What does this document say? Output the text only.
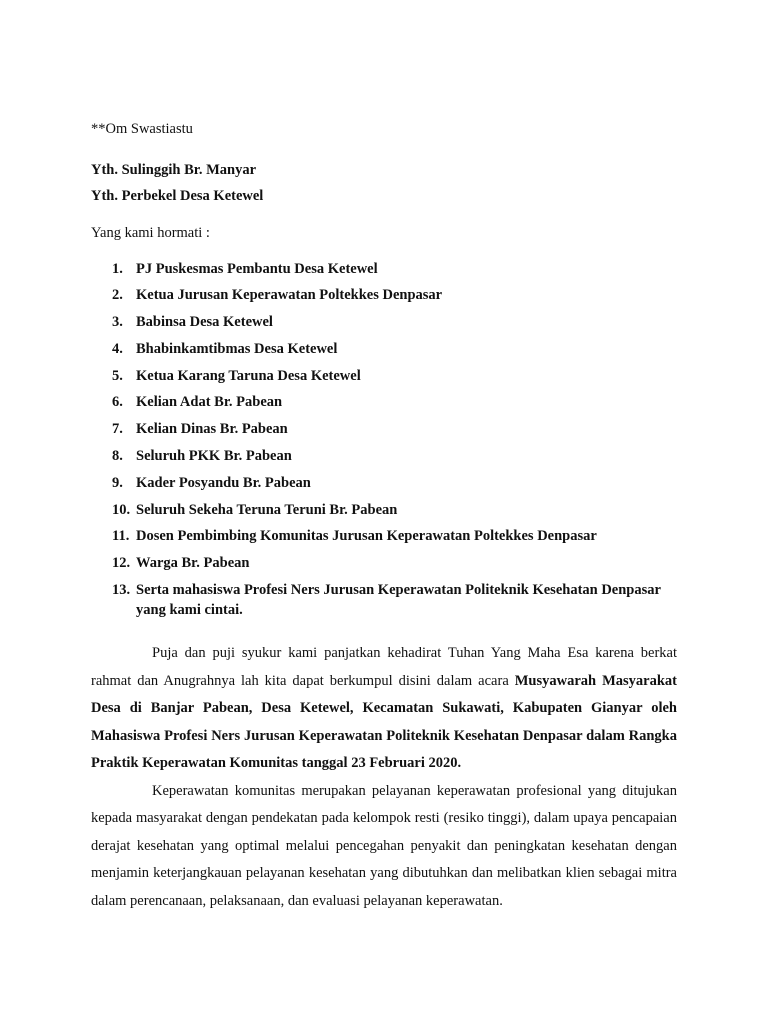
**Om Swastiastu

Yth. Sulinggih Br. Manyar

Yth. Perbekel Desa Ketewel

Yang kami hormati :

1. PJ Puskesmas Pembantu Desa Ketewel
2. Ketua Jurusan Keperawatan Poltekkes Denpasar
3. Babinsa Desa Ketewel
4. Bhabinkamtibmas Desa Ketewel
5. Ketua Karang Taruna Desa Ketewel
6. Kelian Adat Br. Pabean
7. Kelian Dinas Br. Pabean
8. Seluruh PKK Br. Pabean
9. Kader Posyandu Br. Pabean
10. Seluruh Sekeha Teruna Teruni Br. Pabean
11. Dosen Pembimbing Komunitas Jurusan Keperawatan Poltekkes Denpasar
12. Warga Br. Pabean
13. Serta mahasiswa Profesi Ners Jurusan Keperawatan Politeknik Kesehatan Denpasar yang kami cintai.

Puja dan puji syukur kami panjatkan kehadirat Tuhan Yang Maha Esa karena berkat rahmat dan Anugrahnya lah kita dapat berkumpul disini dalam acara Musyawarah Masyarakat Desa di Banjar Pabean, Desa Ketewel, Kecamatan Sukawati, Kabupaten Gianyar oleh Mahasiswa Profesi Ners Jurusan Keperawatan Politeknik Kesehatan Denpasar dalam Rangka Praktik Keperawatan Komunitas tanggal 23 Februari 2020.

Keperawatan komunitas merupakan pelayanan keperawatan profesional yang ditujukan kepada masyarakat dengan pendekatan pada kelompok resti (resiko tinggi), dalam upaya pencapaian derajat kesehatan yang optimal melalui pencegahan penyakit dan peningkatan kesehatan dengan menjamin keterjangkauan pelayanan kesehatan yang dibutuhkan dan melibatkan klien sebagai mitra dalam perencanaan, pelaksanaan, dan evaluasi pelayanan keperawatan.
